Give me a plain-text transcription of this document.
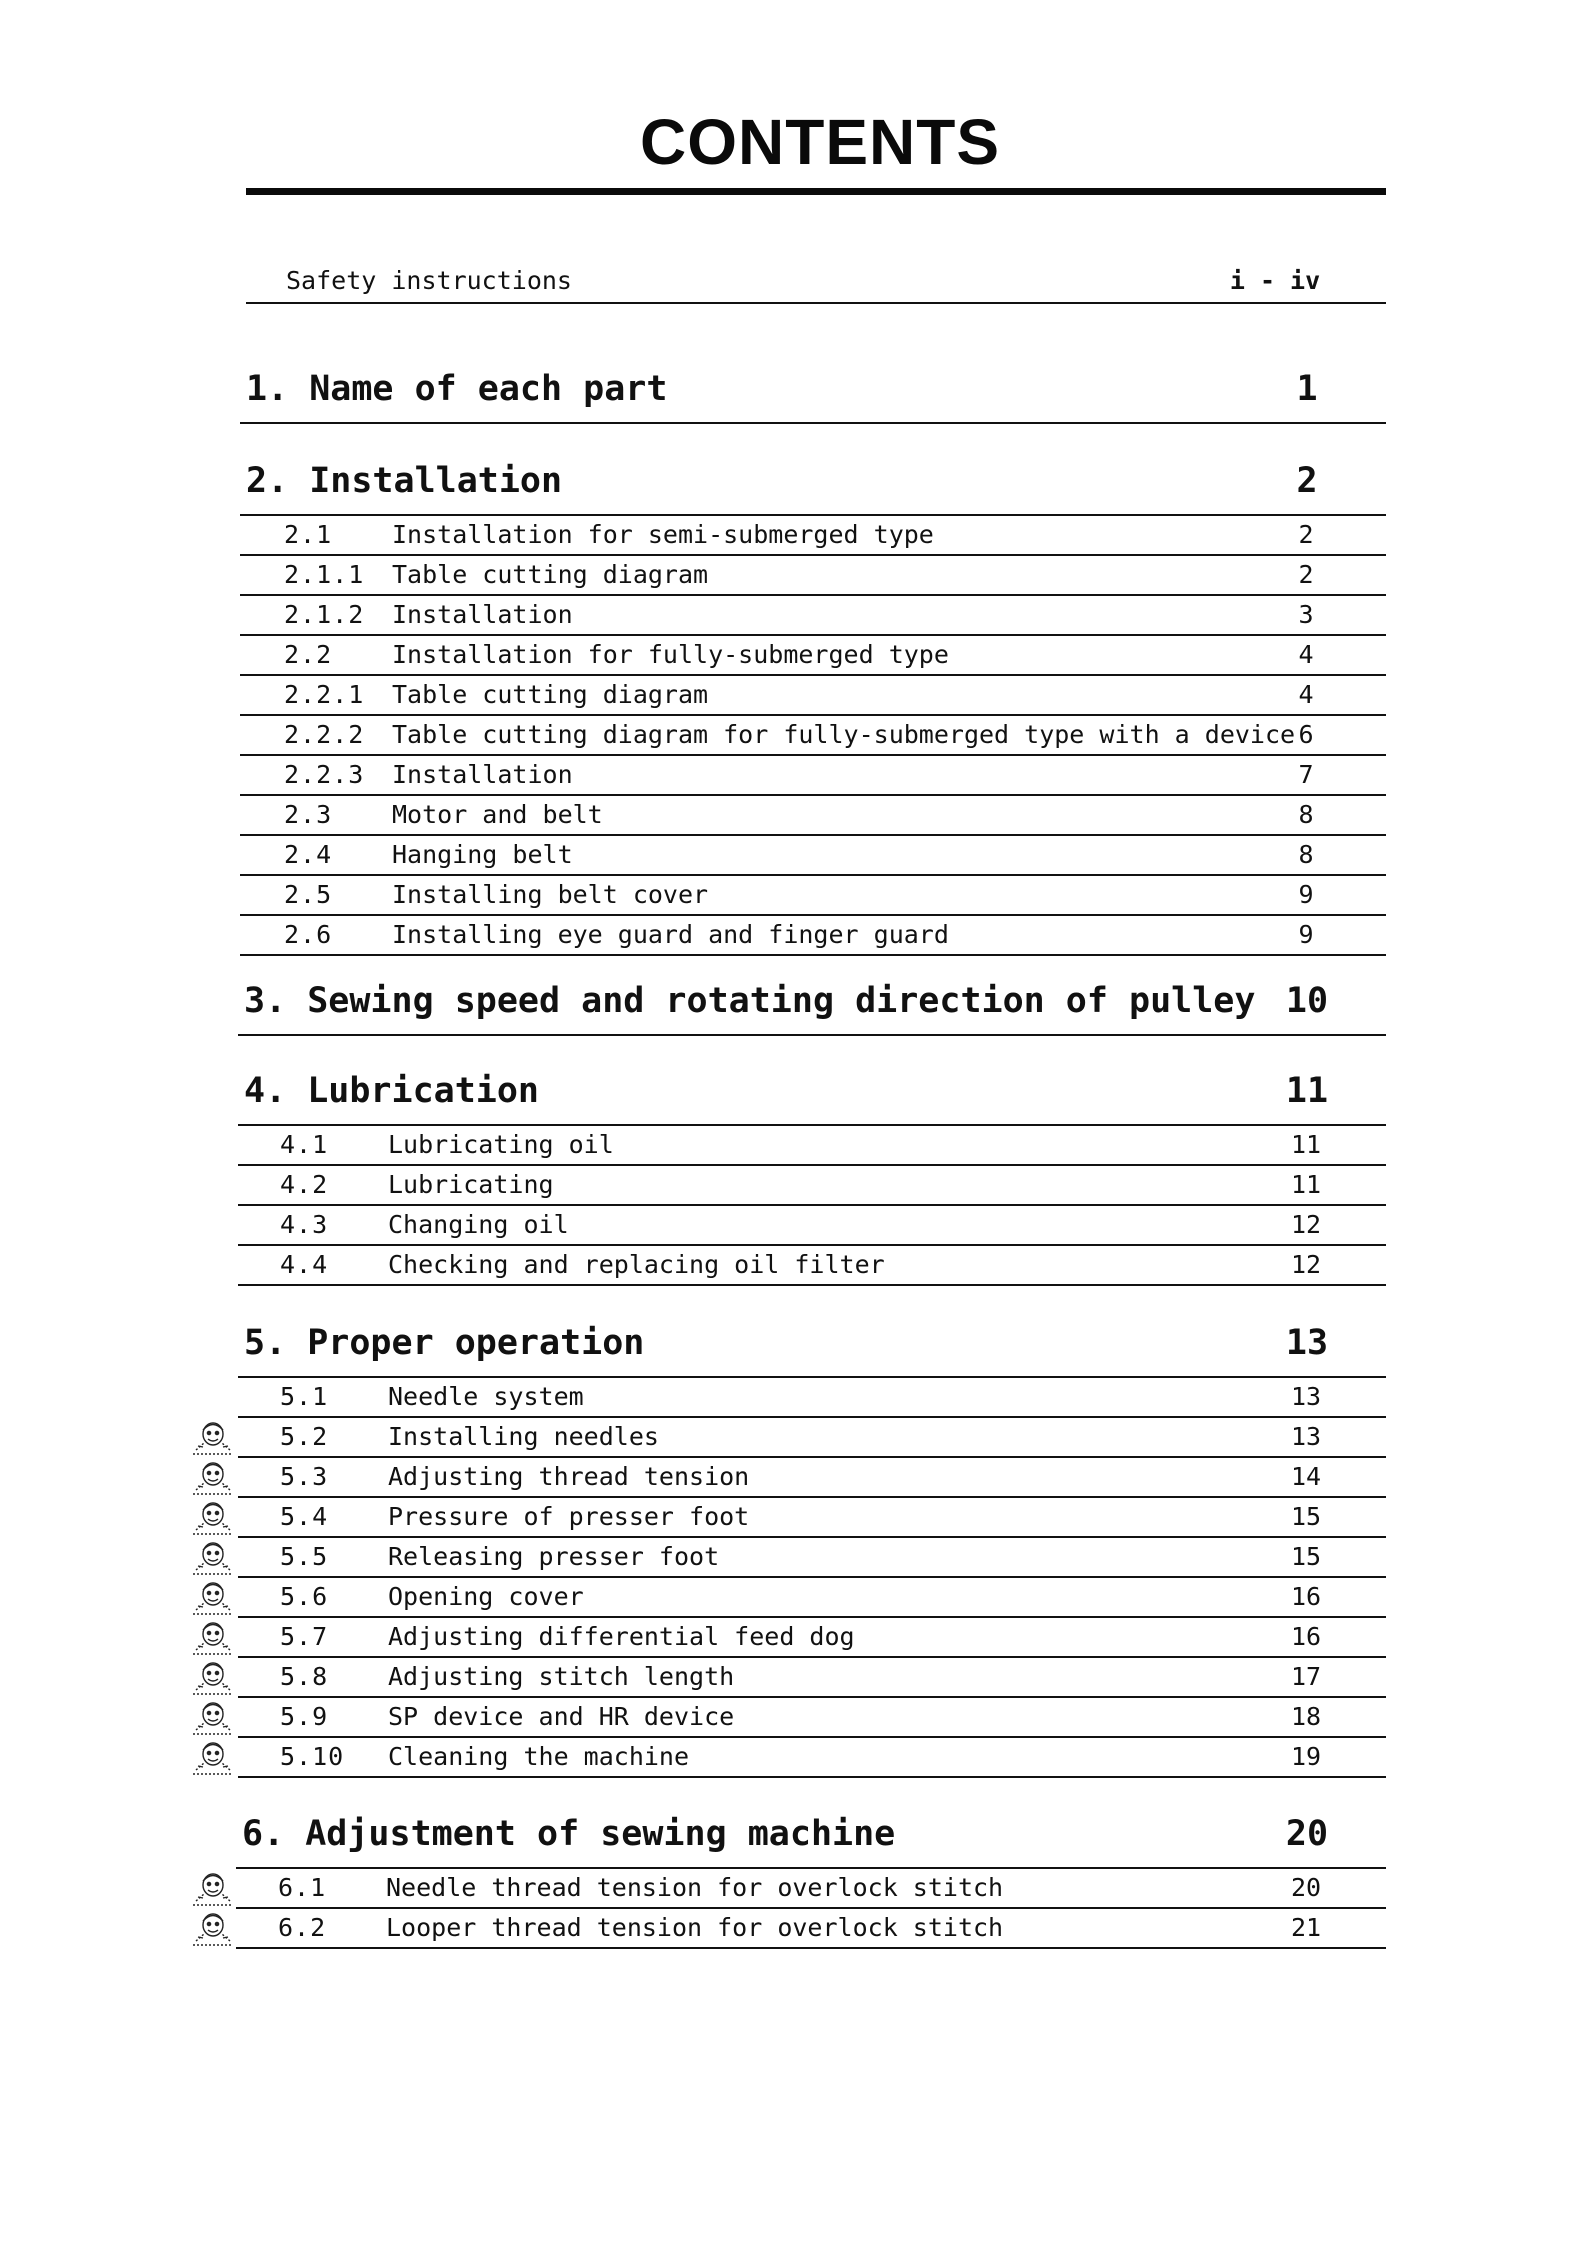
CONTENTS
Safety instructions	i - iv
1. Name of each part	1
2. Installation	2
2.1 Installation for semi-submerged type	2
2.1.1 Table cutting diagram	2
2.1.2 Installation	3
2.2 Installation for fully-submerged type	4
2.2.1 Table cutting diagram	4
2.2.2 Table cutting diagram for fully-submerged type with a device 6
2.2.3 Installation	7
2.3 Motor and belt	8
2.4 Hanging belt	8
2.5 Installing belt cover	9
2.6 Installing eye guard and finger guard	9
3. Sewing speed and rotating direction of pulley 10
4. Lubrication	11
4.1 Lubricating oil	11
4.2 Lubricating	11
4.3 Changing oil	12
4.4 Checking and replacing oil filter	12
5. Proper operation	13
5.1 Needle system	13
5.2 Installing needles	13
5.3 Adjusting thread tension	14
5.4 Pressure of presser foot	15
5.5 Releasing presser foot	15
5.6 Opening cover	16
5.7 Adjusting differential feed dog	16
5.8 Adjusting stitch length	17
5.9 SP device and HR device	18
5.10 Cleaning the machine	19
6. Adjustment of sewing machine	20
6.1 Needle thread tension for overlock stitch	20
6.2 Looper thread tension for overlock stitch	21
